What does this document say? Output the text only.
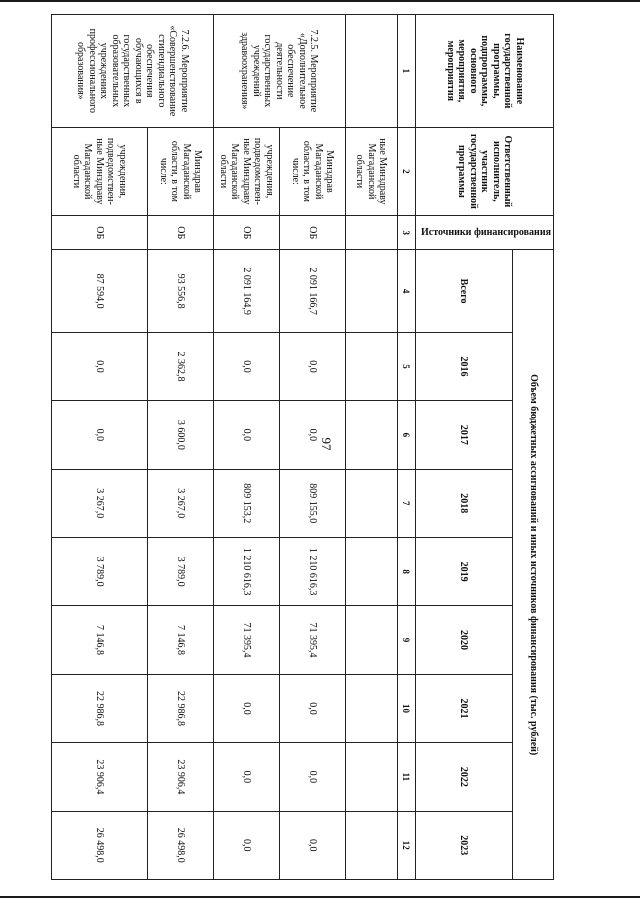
97
Наименование государственной программы, подпрограммы, основного мероприятия, мероприятия	Ответственный исполнитель, участник государственной программы	Источники финансирования	Объем бюджетных ассигнований и иных источников финансирования (тыс. рублей)								
			Всего	2016	2017	2018	2019	2020	2021	2022	2023

1	2	3	4	5	6	7	8	9	10	11	12
	ные Минздраву Магаданской области										
7.2.5. Мероприятие «Дополнительное обеспечение деятельности государственных учреждений здравоохранения»	Минздрав Магаданской области, в том числе:	ОБ	2 091 166,7	0,0	0,0	809 155,0	1 210 616,3	71 395,4	0,0	0,0	0,0
	учреждения, подведомствен-ные Минздраву Магаданской области	ОБ	2 091 164,9	0,0	0,0	809 153,2	1 210 616,3	71 395,4	0,0	0,0	0,0
7.2.6. Мероприятие «Совершенствование стипендиального обеспечения обучающихся в государственных образовательных учреждениях профессионального образования»	Минздрав Магаданской области, в том числе:	ОБ	93 556,8	2 362,8	3 600,0	3 267,0	3 789,0	7 146,8	22 986,8	23 906,4	26 498,0
	учреждения, подведомствен-ные Минздраву Магаданской области	ОБ	87 594,0	0,0	0,0	3 267,0	3 789,0	7 146,8	22 986,8	23 906,4	26 498,0
